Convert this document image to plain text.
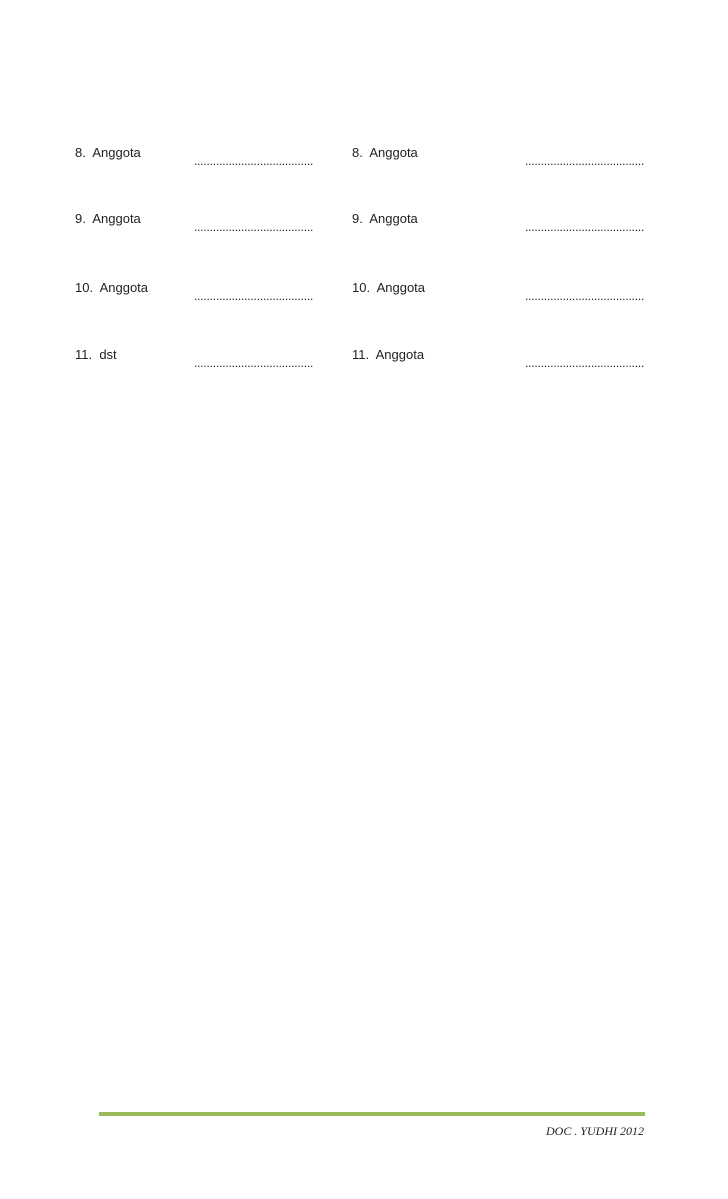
8.  Anggota
......................................
8.  Anggota
......................................
9.  Anggota
......................................
9.  Anggota
......................................
10.  Anggota
......................................
10.  Anggota
......................................
11.  dst
......................................
11.  Anggota
......................................
DOC . YUDHI 2012
